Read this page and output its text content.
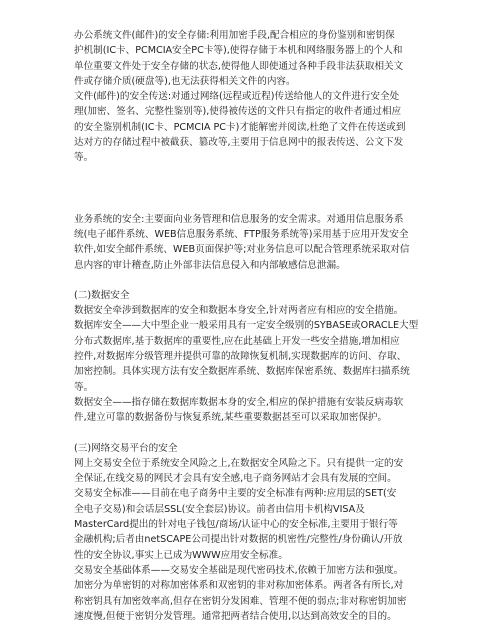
办公系统文件(邮件)的安全存储:利用加密手段,配合相应的身份鉴别和密钥保
护机制(IC卡、PCMCIA安全PC卡等),使得存储于本机和网络服务器上的个人和
单位重要文件处于安全存储的状态,使得他人即使通过各种手段非法获取相关文
件或存储介质(硬盘等),也无法获得相关文件的内容。
文件(邮件)的安全传送:对通过网络(远程或近程)传送给他人的文件进行安全处
理(加密、签名、完整性鉴别等),使得被传送的文件只有指定的收件者通过相应
的安全鉴别机制(IC卡、PCMCIA PC卡)才能解密并阅读,杜绝了文件在传送或到
达对方的存储过程中被截获、篡改等,主要用于信息网中的报表传送、公文下发
等。
业务系统的安全:主要面向业务管理和信息服务的安全需求。对通用信息服务系
统(电子邮件系统、WEB信息服务系统、FTP服务系统等)采用基于应用开发安全
软件,如安全邮件系统、WEB页面保护等;对业务信息可以配合管理系统采取对信
息内容的审计稽查,防止外部非法信息侵入和内部敏感信息泄漏。

(二)数据安全

数据安全牵涉到数据库的安全和数据本身安全,针对两者应有相应的安全措施。
数据库安全——大中型企业一般采用具有一定安全级别的SYBASE或ORACLE大型
分布式数据库,基于数据库的重要性,应在此基础上开发一些安全措施,增加相应
控件,对数据库分级管理并提供可靠的故障恢复机制,实现数据库的访问、存取、
加密控制。具体实现方法有安全数据库系统、数据库保密系统、数据库扫描系统
等。
数据安全——指存储在数据库数据本身的安全,相应的保护措施有安装反病毒软
件,建立可靠的数据备份与恢复系统,某些重要数据甚至可以采取加密保护。

(三)网络交易平台的安全

网上交易安全位于系统安全风险之上,在数据安全风险之下。只有提供一定的安
全保证,在线交易的网民才会具有安全感,电子商务网站才会具有发展的空间。
交易安全标准——目前在电子商务中主要的安全标准有两种:应用层的SET(安
全电子交易)和会话层SSL(安全套层)协议。前者由信用卡机构VISA及
MasterCard提出的针对电子钱包/商场/认证中心的安全标准,主要用于银行等
金融机构;后者由netSCAPE公司提出针对数据的机密性/完整性/身份确认/开放
性的安全协议,事实上已成为WWW应用安全标准。
交易安全基础体系——交易安全基础是现代密码技术,依赖于加密方法和强度。
加密分为单密钥的对称加密体系和双密钥的非对称加密体系。两者各有所长,对
称密钥具有加密效率高,但存在密钥分发困难、管理不便的弱点;非对称密钥加密
速度慢,但便于密钥分发管理。通常把两者结合使用,以达到高效安全的目的。
